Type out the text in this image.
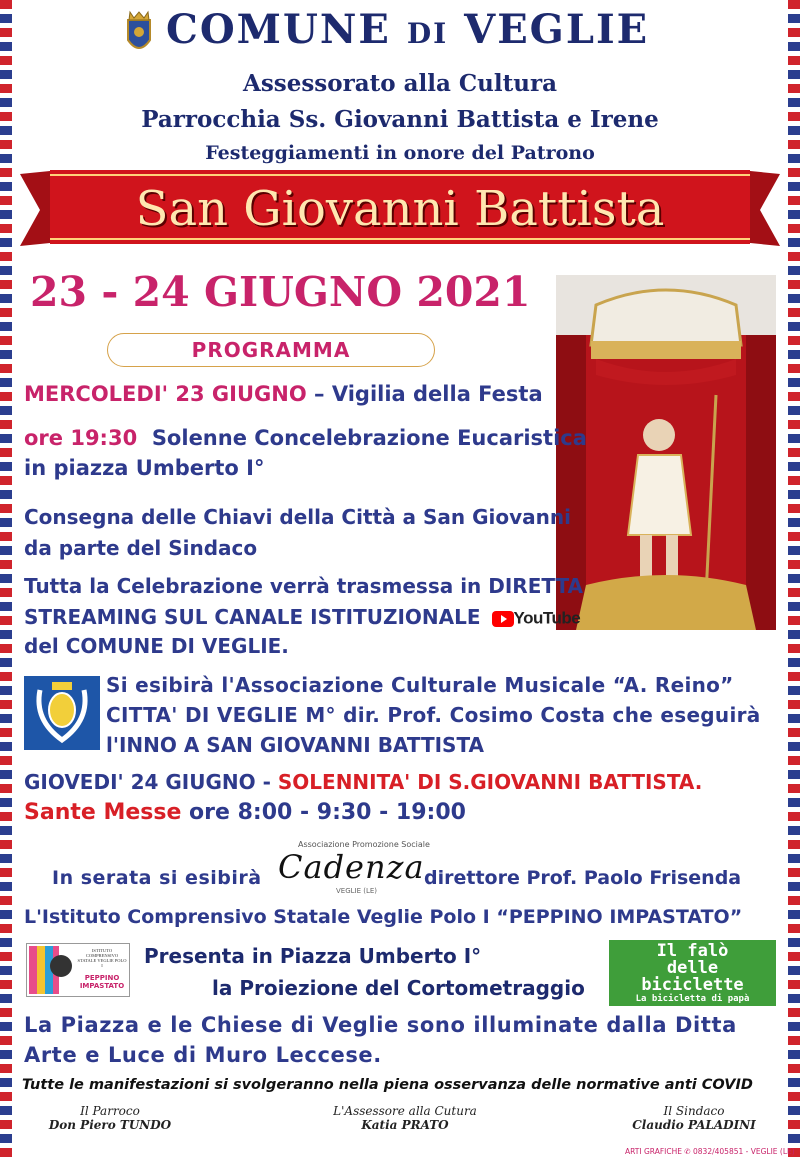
COMUNE DI VEGLIE
Assessorato alla Cultura
Parrocchia Ss. Giovanni Battista e Irene
Festeggiamenti in onore del Patrono
San Giovanni Battista
23 - 24 GIUGNO 2021
PROGRAMMA
MERCOLEDI' 23 GIUGNO – Vigilia della Festa
ore 19:30 Solenne Concelebrazione Eucaristica
in piazza Umberto I°
Consegna delle Chiavi della Città a San Giovanni
da parte del Sindaco
Tutta la Celebrazione verrà trasmessa in DIRETTA
STREAMING SUL CANALE ISTITUZIONALE YouTube
del COMUNE DI VEGLIE.
Si esibirà l'Associazione Culturale Musicale “A. Reino”
CITTA' DI VEGLIE M° dir. Prof. Cosimo Costa che eseguirà
l'INNO A SAN GIOVANNI BATTISTA
GIOVEDI' 24 GIUGNO - SOLENNITA' DI S.GIOVANNI BATTISTA.
Sante Messe ore 8:00 - 9:30 - 19:00
Associazione Promozione Sociale
In serata si esibirà Cadenza
VEGLIE (LE)
direttore Prof. Paolo Frisenda
L'Istituto Comprensivo Statale Veglie Polo I “PEPPINO IMPASTATO”
ISTITUTO COMPRENSIVO STATALE VEGLIE POLO I
PEPPINO
IMPASTATO
Presenta in Piazza Umberto I°
la Proiezione del Cortometraggio
Il falò
delle
biciclette
La bicicletta di papà
La Piazza e le Chiese di Veglie sono illuminate dalla Ditta
Arte e Luce di Muro Leccese.
Tutte le manifestazioni si svolgeranno nella piena osservanza delle normative anti COVID
Il Parroco
Don Piero TUNDO
L'Assessore alla Cutura
Katia PRATO
Il Sindaco
Claudio PALADINI
ARTI GRAFICHE ✆ 0832/405851 - VEGLIE (LE)
